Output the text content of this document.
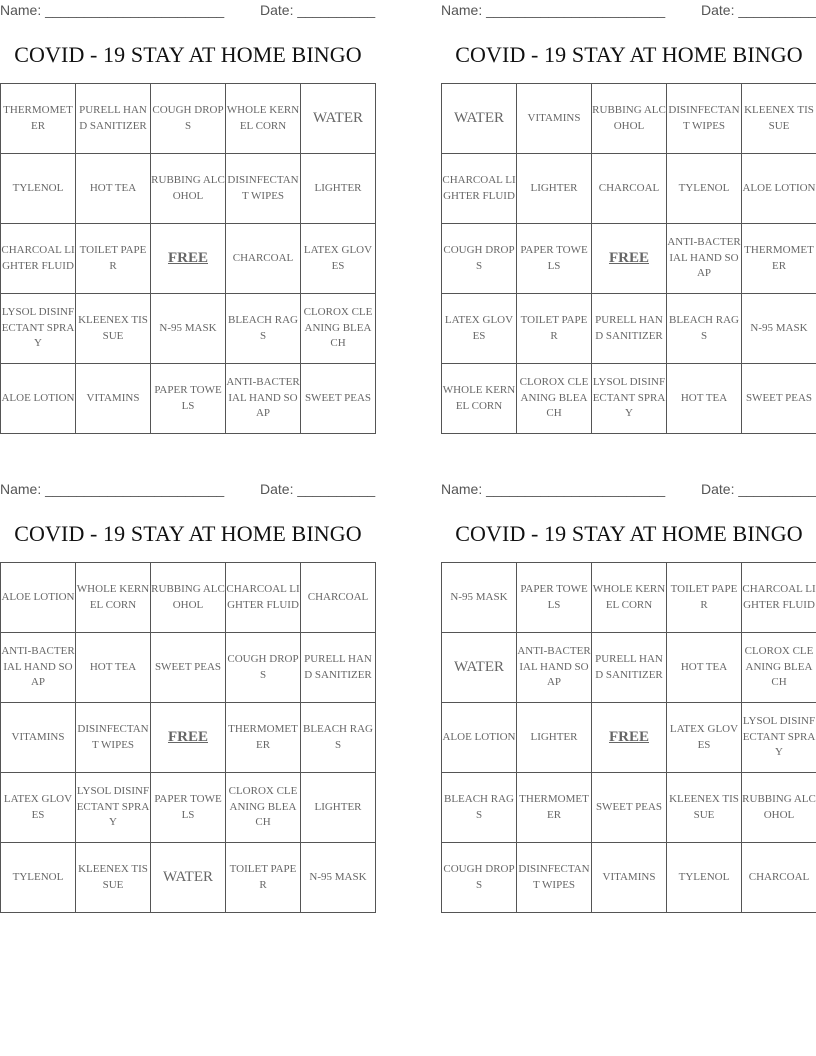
Name: _______________________	Date: __________
COVID - 19 STAY AT HOME BINGO
THERMOMETER	PURELL HAND SANITIZER	COUGH DROPS	WHOLE KERNEL CORN	WATER
TYLENOL	HOT TEA	RUBBING ALCOHOL	DISINFECTANT WIPES	LIGHTER
CHARCOAL LIGHTER FLUID	TOILET PAPER	FREE	CHARCOAL	LATEX GLOVES
LYSOL DISINFECTANT SPRAY	KLEENEX TISSUE	N-95 MASK	BLEACH RAGS	CLOROX CLEANING BLEACH
ALOE LOTION	VITAMINS	PAPER TOWELS	ANTI-BACTERIAL HAND SOAP	SWEET PEAS
Name: _______________________	Date: __________
COVID - 19 STAY AT HOME BINGO
WATER	VITAMINS	RUBBING ALCOHOL	DISINFECTANT WIPES	KLEENEX TISSUE
CHARCOAL LIGHTER FLUID	LIGHTER	CHARCOAL	TYLENOL	ALOE LOTION
COUGH DROPS	PAPER TOWELS	FREE	ANTI-BACTERIAL HAND SOAP	THERMOMETER
LATEX GLOVES	TOILET PAPER	PURELL HAND SANITIZER	BLEACH RAGS	N-95 MASK
WHOLE KERNEL CORN	CLOROX CLEANING BLEACH	LYSOL DISINFECTANT SPRAY	HOT TEA	SWEET PEAS
Name: _______________________	Date: __________
COVID - 19 STAY AT HOME BINGO
ALOE LOTION	WHOLE KERNEL CORN	RUBBING ALCOHOL	CHARCOAL LIGHTER FLUID	CHARCOAL
ANTI-BACTERIAL HAND SOAP	HOT TEA	SWEET PEAS	COUGH DROPS	PURELL HAND SANITIZER
VITAMINS	DISINFECTANT WIPES	FREE	THERMOMETER	BLEACH RAGS
LATEX GLOVES	LYSOL DISINFECTANT SPRAY	PAPER TOWELS	CLOROX CLEANING BLEACH	LIGHTER
TYLENOL	KLEENEX TISSUE	WATER	TOILET PAPER	N-95 MASK
Name: _______________________	Date: __________
COVID - 19 STAY AT HOME BINGO
N-95 MASK	PAPER TOWELS	WHOLE KERNEL CORN	TOILET PAPER	CHARCOAL LIGHTER FLUID
WATER	ANTI-BACTERIAL HAND SOAP	PURELL HAND SANITIZER	HOT TEA	CLOROX CLEANING BLEACH
ALOE LOTION	LIGHTER	FREE	LATEX GLOVES	LYSOL DISINFECTANT SPRAY
BLEACH RAGS	THERMOMETER	SWEET PEAS	KLEENEX TISSUE	RUBBING ALCOHOL
COUGH DROPS	DISINFECTANT WIPES	VITAMINS	TYLENOL	CHARCOAL
